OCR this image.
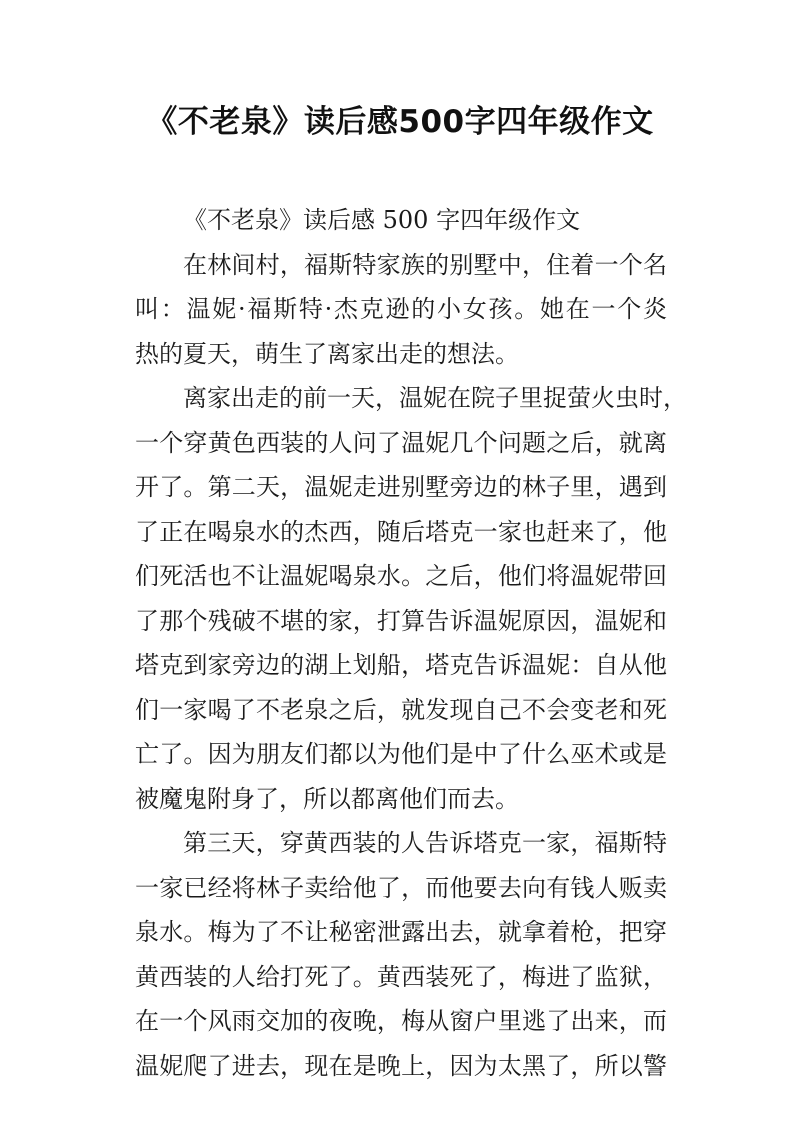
《不老泉》读后感500字四年级作文
《不老泉》读后感 500 字四年级作文
在林间村，福斯特家族的别墅中，住着一个名
叫：温妮·福斯特·杰克逊的小女孩。她在一个炎
热的夏天，萌生了离家出走的想法。
离家出走的前一天，温妮在院子里捉萤火虫时，
一个穿黄色西装的人问了温妮几个问题之后，就离
开了。第二天，温妮走进别墅旁边的林子里，遇到
了正在喝泉水的杰西，随后塔克一家也赶来了，他
们死活也不让温妮喝泉水。之后，他们将温妮带回
了那个残破不堪的家，打算告诉温妮原因，温妮和
塔克到家旁边的湖上划船，塔克告诉温妮：自从他
们一家喝了不老泉之后，就发现自己不会变老和死
亡了。因为朋友们都以为他们是中了什么巫术或是
被魔鬼附身了，所以都离他们而去。
第三天，穿黄西装的人告诉塔克一家，福斯特
一家已经将林子卖给他了，而他要去向有钱人贩卖
泉水。梅为了不让秘密泄露出去，就拿着枪，把穿
黄西装的人给打死了。黄西装死了，梅进了监狱，
在一个风雨交加的夜晚，梅从窗户里逃了出来，而
温妮爬了进去，现在是晚上，因为太黑了，所以警
